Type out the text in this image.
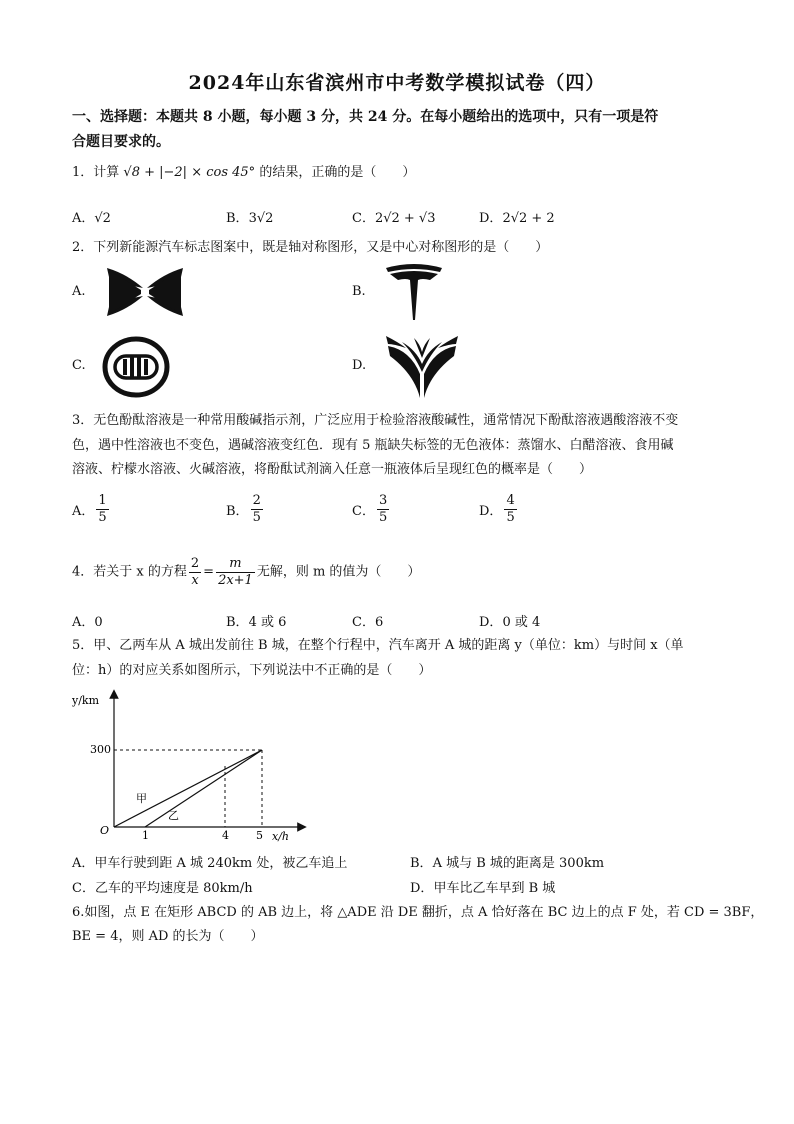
2024年山东省滨州市中考数学模拟试卷（四）
一、选择题：本题共 8 小题，每小题 3 分，共 24 分。在每小题给出的选项中，只有一项是符
合题目要求的。
1．计算 √8 + |−2| × cos 45° 的结果，正确的是（　　）
A．√2	B．3√2	C．2√2 + √3	D．2√2 + 2
2．下列新能源汽车标志图案中，既是轴对称图形，又是中心对称图形的是（　　）
A.	B.
C.	D.
3．无色酚酞溶液是一种常用酸碱指示剂，广泛应用于检验溶液酸碱性，通常情况下酚酞溶液遇酸溶液不变
色，遇中性溶液也不变色，遇碱溶液变红色．现有 5 瓶缺失标签的无色液体：蒸馏水、白醋溶液、食用碱
溶液、柠檬水溶液、火碱溶液，将酚酞试剂滴入任意一瓶液体后呈现红色的概率是（　　）
A． $\frac{1}{5}$	B． $\frac{2}{5}$	C． $\frac{3}{5}$	D． $\frac{4}{5}$
4．若关于 x 的方程 $\frac{2}{x} = \frac{m}{2x+1}$ 无解，则 m 的值为（　　）
A．0	B．4 或 6	C．6	D．0 或 4
5．甲、乙两车从 A 城出发前往 B 城，在整个行程中，汽车离开 A 城的距离 y（单位：km）与时间 x（单
位：h）的对应关系如图所示，下列说法中不正确的是（　　）
y/km
x/h
O
300
1	4 5
甲
乙
A．甲车行驶到距 A 城 240km 处，被乙车追上	B．A 城与 B 城的距离是 300km
C．乙车的平均速度是 80km/h	D．甲车比乙车早到 B 城
6.如图，点 E 在矩形 ABCD 的 AB 边上，将 △ADE 沿 DE 翻折，点 A 恰好落在 BC 边上的点 F 处，若 CD = 3BF，
BE = 4，则 AD 的长为（　　）
